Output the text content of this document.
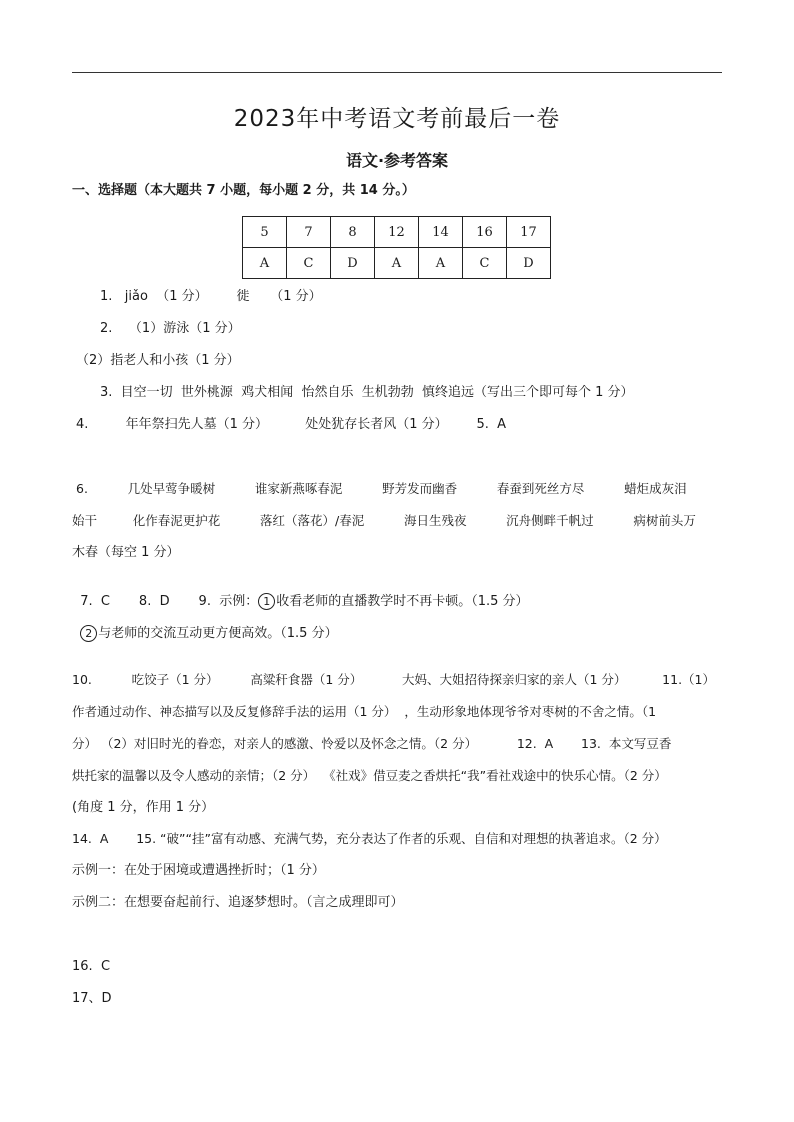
2023年中考语文考前最后一卷
语文·参考答案
一、选择题（本大题共 7 小题，每小题 2 分，共 14 分。）
5	7	8	12	14	16	17
A	C	D	A	A	C	D
1.   jiǎo  （1 分）       徙     （1 分）
2.    （1）游泳（1 分）
（2）指老人和小孩（1 分）
3.  目空一切  世外桃源  鸡犬相闻  怡然自乐  生机勃勃  慎终追远（写出三个即可每个 1 分）
4.         年年祭扫先人墓（1 分）         处处犹存长者风（1 分）       5.  A
6.          几处早莺争暖树          谁家新燕啄春泥          野芳发而幽香          春蚕到死丝方尽          蜡炬成灰泪
始干         化作春泥更护花          落红（落花）/春泥          海日生残夜          沉舟侧畔千帆过          病树前头万
木春（每空 1 分）

7.  C       8.  D       9.  示例： 1 收看老师的直播教学时不再卡顿。（1.5 分）

2 与老师的交流互动更方便高效。（1.5 分）

10.          吃饺子（1 分）        高粱秆食器（1 分）          大妈、大姐招待探亲归家的亲人（1 分）         11.（1）
作者通过动作、神态描写以及反复修辞手法的运用（1 分）  ，生动形象地体现爷爷对枣树的不舍之情。（1
分） （2）对旧时光的眷恋，对亲人的感激、怜爱以及怀念之情。（2 分）          12.  A       13.  本文写豆香
烘托家的温馨以及令人感动的亲情；（2 分）  《社戏》借豆麦之香烘托“我”看社戏途中的快乐心情。（2 分）
(角度 1 分，作用 1 分）
14.  A       15. “破”“挂”富有动感、充满气势，充分表达了作者的乐观、自信和对理想的执著追求。（2 分）
示例一：在处于困境或遭遇挫折时；（1 分）
示例二：在想要奋起前行、追逐梦想时。（言之成理即可）
16.  C
17、D
